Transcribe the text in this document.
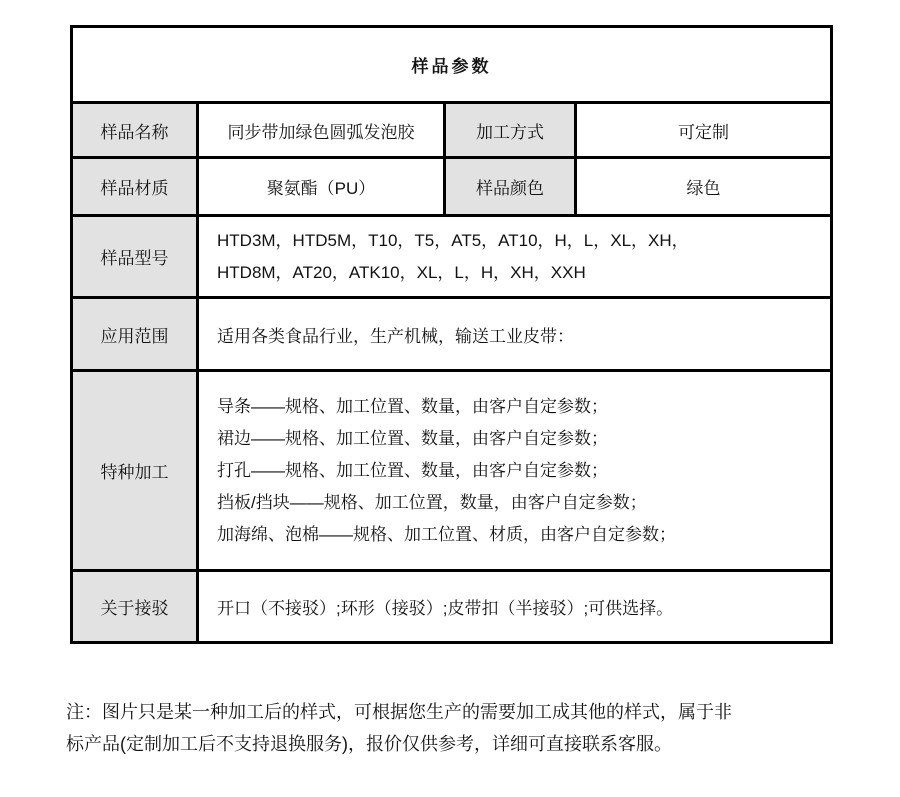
样品参数			
样品名称	同步带加绿色圆弧发泡胶	加工方式	可定制
样品材质	聚氨酯（PU）	样品颜色	绿色
样品型号	HTD3M，HTD5M，T10，T5，AT5，AT10，H，L，XL，XH，
HTD8M，AT20，ATK10，XL，L，H，XH，XXH		

应用范围	适用各类食品行业，生产机械，输送工业皮带：		
特种加工	导条——规格、加工位置、数量，由客户自定参数；
裙边——规格、加工位置、数量，由客户自定参数；
打孔——规格、加工位置、数量，由客户自定参数；
挡板/挡块——规格、加工位置，数量，由客户自定参数；
加海绵、泡棉——规格、加工位置、材质，由客户自定参数；		

关于接驳	开口（不接驳）;环形（接驳）;皮带扣（半接驳）;可供选择。		
注：图片只是某一种加工后的样式，可根据您生产的需要加工成其他的样式，属于非
标产品(定制加工后不支持退换服务)，报价仅供参考，详细可直接联系客服。
